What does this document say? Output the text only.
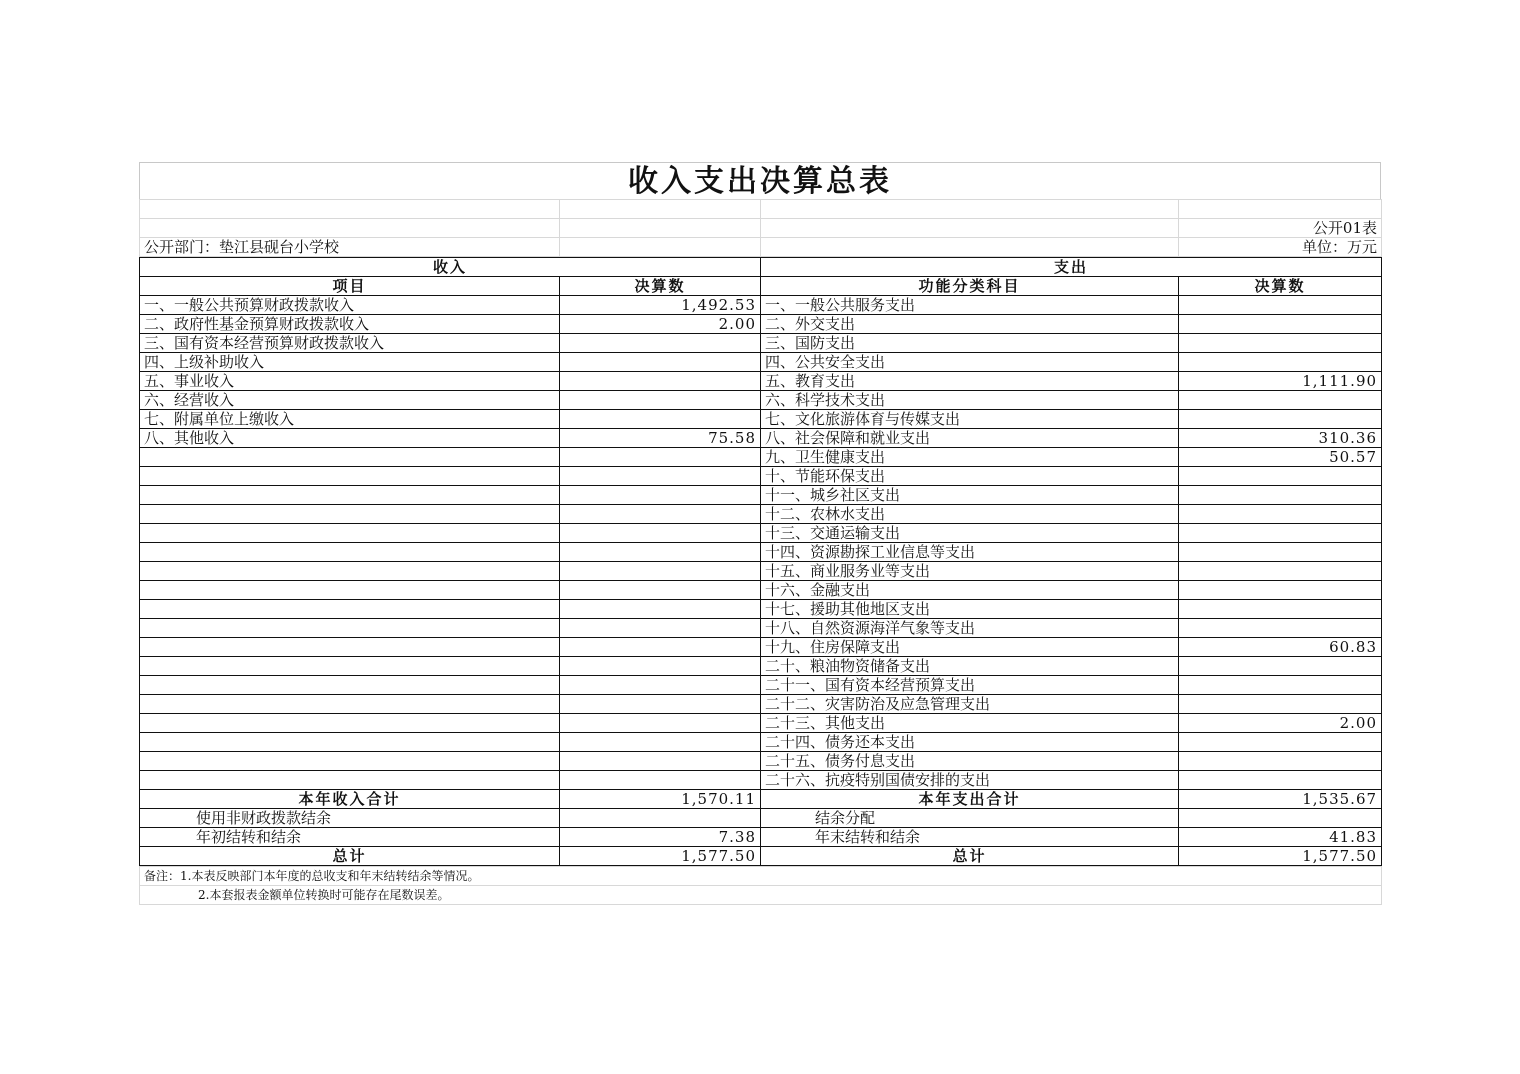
收入支出决算总表

			公开01表
公开部门：垫江县砚台小学校			单位：万元
收入		支出	
项目	决算数	功能分类科目	决算数
一、一般公共预算财政拨款收入	1,492.53	一、一般公共服务支出	
二、政府性基金预算财政拨款收入	2.00	二、外交支出	
三、国有资本经营预算财政拨款收入		三、国防支出	
四、上级补助收入		四、公共安全支出	
五、事业收入		五、教育支出	1,111.90
六、经营收入		六、科学技术支出	
七、附属单位上缴收入		七、文化旅游体育与传媒支出	
八、其他收入	75.58	八、社会保障和就业支出	310.36
		九、卫生健康支出	50.57
		十、节能环保支出	
		十一、城乡社区支出	
		十二、农林水支出	
		十三、交通运输支出	
		十四、资源勘探工业信息等支出	
		十五、商业服务业等支出	
		十六、金融支出	
		十七、援助其他地区支出	
		十八、自然资源海洋气象等支出	
		十九、住房保障支出	60.83
		二十、粮油物资储备支出	
		二十一、国有资本经营预算支出	
		二十二、灾害防治及应急管理支出	
		二十三、其他支出	2.00
		二十四、债务还本支出	
		二十五、债务付息支出	
		二十六、抗疫特别国债安排的支出	
本年收入合计	1,570.11	本年支出合计	1,535.67
使用非财政拨款结余		结余分配	
年初结转和结余	7.38	年末结转和结余	41.83
总计	1,577.50	总计	1,577.50
备注：1.本表反映部门本年度的总收支和年末结转结余等情况。
2.本套报表金额单位转换时可能存在尾数误差。
